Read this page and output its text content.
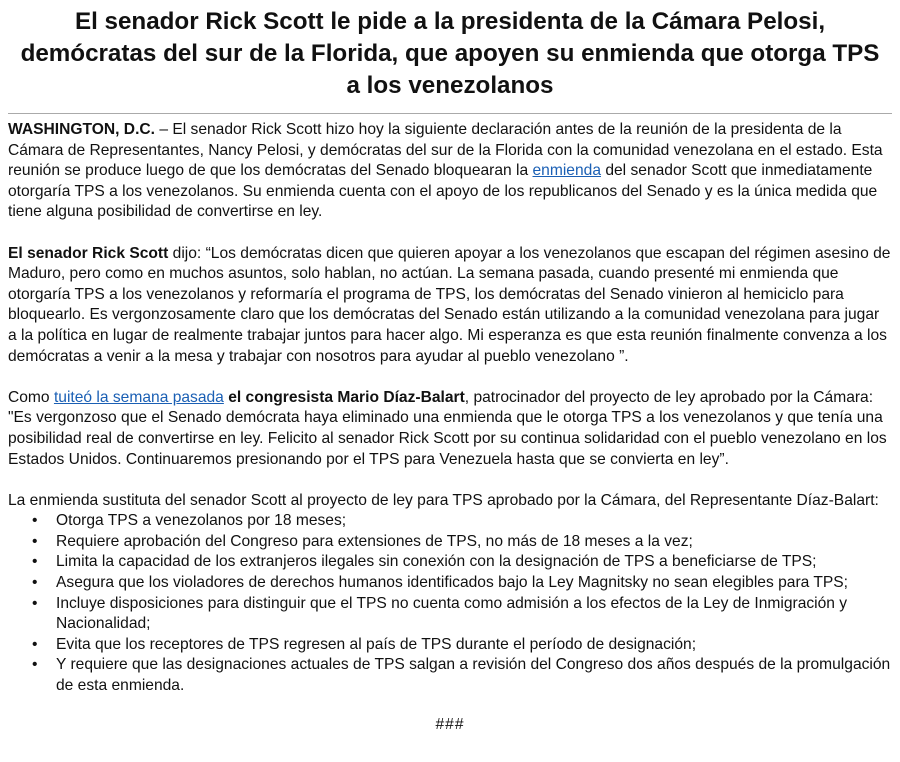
El senador Rick Scott le pide a la presidenta de la Cámara Pelosi, demócratas del sur de la Florida, que apoyen su enmienda que otorga TPS a los venezolanos

WASHINGTON, D.C. – El senador Rick Scott hizo hoy la siguiente declaración antes de la reunión de la presidenta de la Cámara de Representantes, Nancy Pelosi, y demócratas del sur de la Florida con la comunidad venezolana en el estado. Esta reunión se produce luego de que los demócratas del Senado bloquearan la enmienda del senador Scott que inmediatamente otorgaría TPS a los venezolanos. Su enmienda cuenta con el apoyo de los republicanos del Senado y es la única medida que tiene alguna posibilidad de convertirse en ley.

El senador Rick Scott dijo: “Los demócratas dicen que quieren apoyar a los venezolanos que escapan del régimen asesino de Maduro, pero como en muchos asuntos, solo hablan, no actúan. La semana pasada, cuando presenté mi enmienda que otorgaría TPS a los venezolanos y reformaría el programa de TPS, los demócratas del Senado vinieron al hemiciclo para bloquearlo. Es vergonzosamente claro que los demócratas del Senado están utilizando a la comunidad venezolana para jugar a la política en lugar de realmente trabajar juntos para hacer algo. Mi esperanza es que esta reunión finalmente convenza a los demócratas a venir a la mesa y trabajar con nosotros para ayudar al pueblo venezolano ”.

Como tuiteó la semana pasada el congresista Mario Díaz-Balart, patrocinador del proyecto de ley aprobado por la Cámara: "Es vergonzoso que el Senado demócrata haya eliminado una enmienda que le otorga TPS a los venezolanos y que tenía una posibilidad real de convertirse en ley. Felicito al senador Rick Scott por su continua solidaridad con el pueblo venezolano en los Estados Unidos. Continuaremos presionando por el TPS para Venezuela hasta que se convierta en ley”.

La enmienda sustituta del senador Scott al proyecto de ley para TPS aprobado por la Cámara, del Representante Díaz-Balart:

• Otorga TPS a venezolanos por 18 meses;
• Requiere aprobación del Congreso para extensiones de TPS, no más de 18 meses a la vez;
• Limita la capacidad de los extranjeros ilegales sin conexión con la designación de TPS a beneficiarse de TPS;
• Asegura que los violadores de derechos humanos identificados bajo la Ley Magnitsky no sean elegibles para TPS;
• Incluye disposiciones para distinguir que el TPS no cuenta como admisión a los efectos de la Ley de Inmigración y Nacionalidad;
• Evita que los receptores de TPS regresen al país de TPS durante el período de designación;
• Y requiere que las designaciones actuales de TPS salgan a revisión del Congreso dos años después de la promulgación de esta enmienda.
###
